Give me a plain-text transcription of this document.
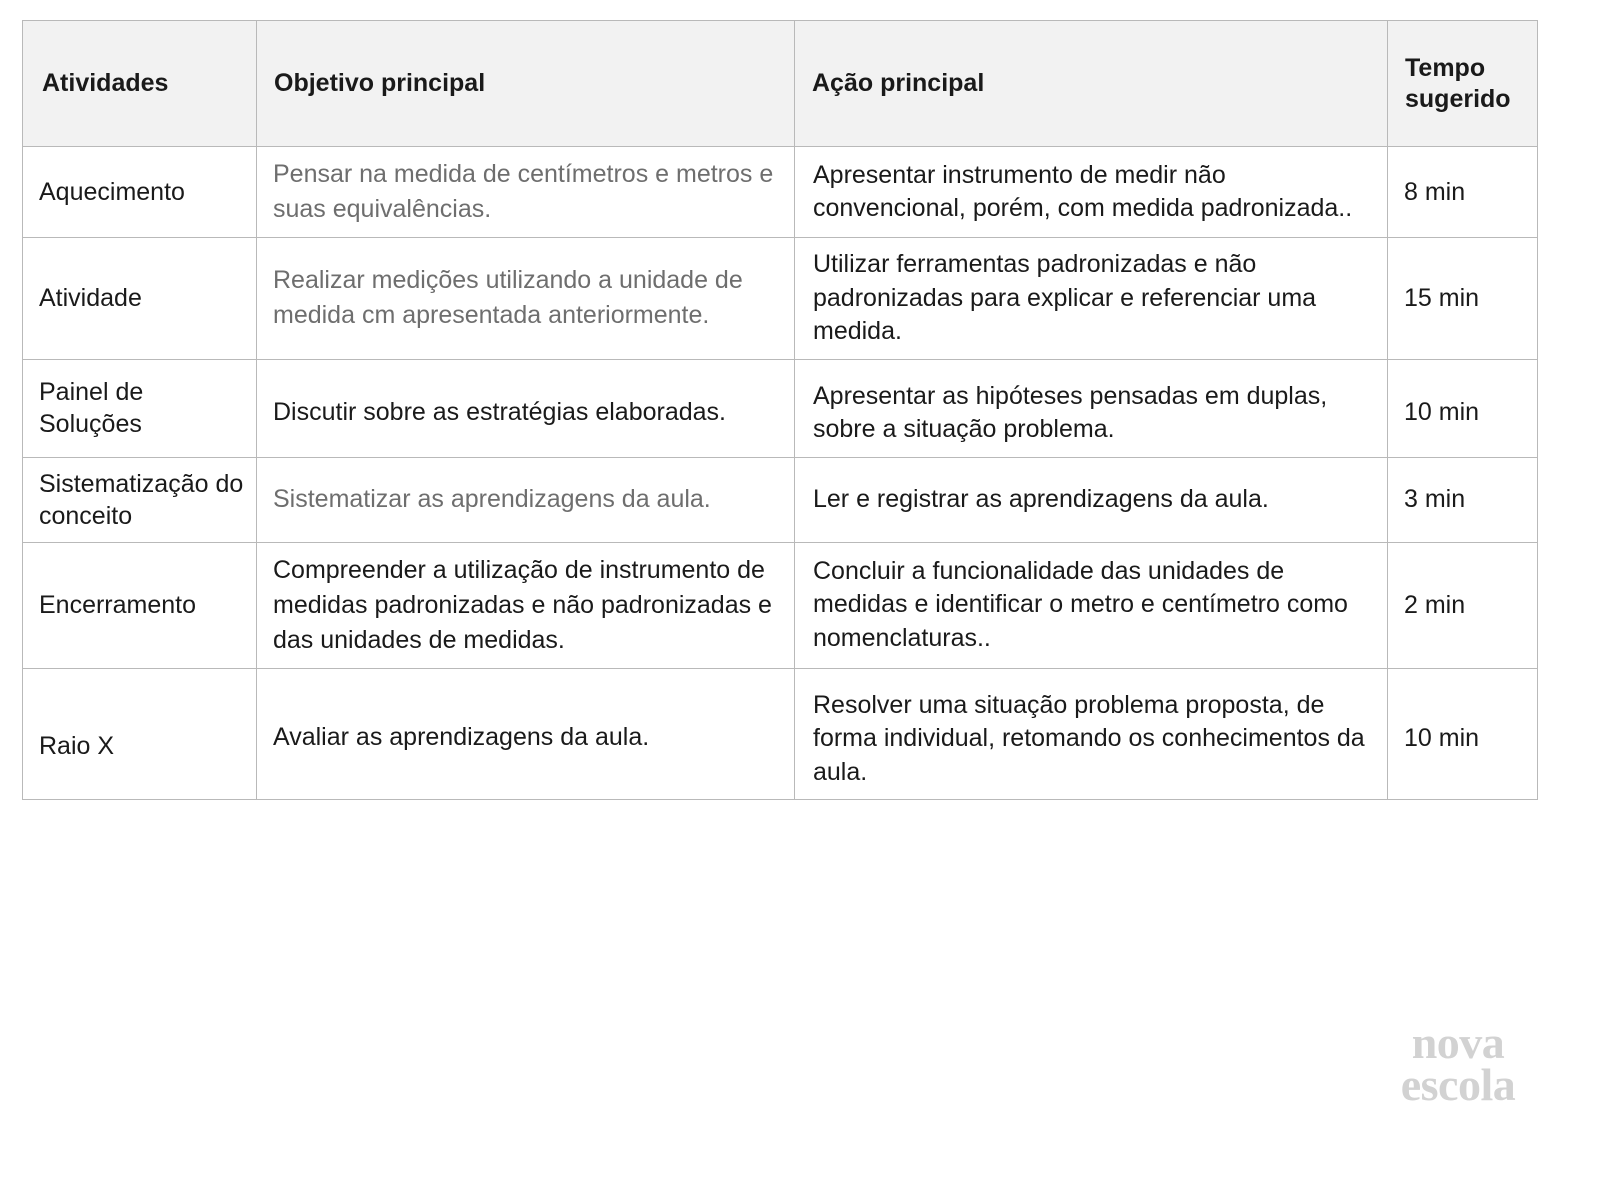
Atividades	Objetivo principal	Ação principal	Tempo sugerido
Aquecimento	Pensar na medida de centímetros e metros e suas equivalências.	Apresentar instrumento de medir não convencional, porém, com medida padronizada..	8 min
Atividade	Realizar medições utilizando a unidade de medida cm apresentada anteriormente.	Utilizar ferramentas padronizadas e não padronizadas para explicar e referenciar uma medida.	15 min
Painel de Soluções	Discutir sobre as estratégias elaboradas.	Apresentar as hipóteses pensadas em duplas, sobre a situação problema.	10 min
Sistematização do conceito	Sistematizar as aprendizagens da aula.	Ler e registrar as aprendizagens da aula.	3 min
Encerramento	Compreender a utilização de instrumento de medidas padronizadas e não padronizadas e das unidades de medidas.	Concluir a funcionalidade das unidades de medidas e identificar o metro e centímetro como nomenclaturas..	2 min
Raio X	Avaliar as aprendizagens da aula.	Resolver uma situação problema proposta, de forma individual, retomando os conhecimentos da aula.	10 min
nova
escola
